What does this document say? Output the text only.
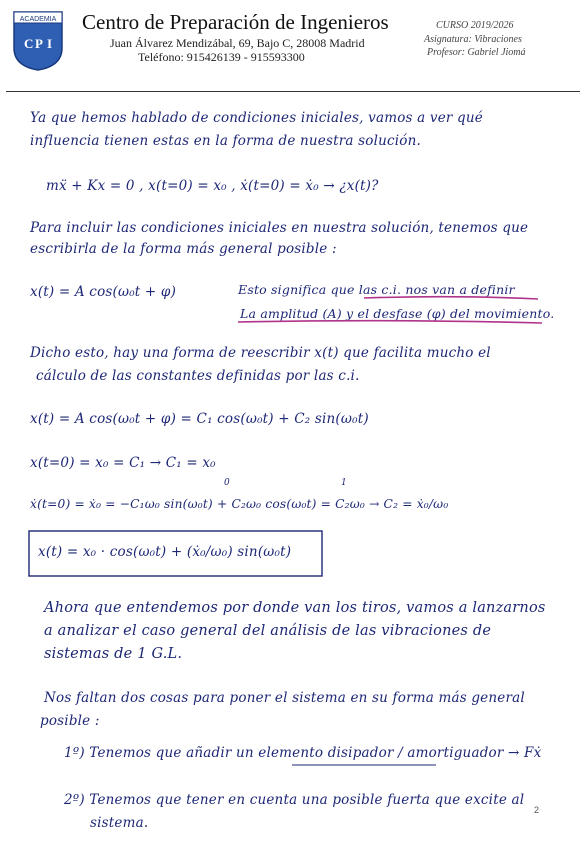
ACADEMIA
C P I
Centro de Preparación de Ingenieros
Juan Álvarez Mendizábal, 69, Bajo C, 28008 Madrid
Teléfono: 915426139 - 915593300
CURSO 2019/2026
Asignatura: Vibraciones
Profesor: Gabriel Jiomá
Ya que hemos hablado de condiciones iniciales, vamos a ver qué
influencia tienen estas en la forma de nuestra solución.
mẍ + Kx = 0 , x(t=0) = x₀ , ẋ(t=0) = ẋ₀ → ¿x(t)?
Para incluir las condiciones iniciales en nuestra solución, tenemos que
escribirla de la forma más general posible :
x(t) = A cos(ω₀t + φ)	Esto significa que las c.i. nos van a definir
La amplitud (A) y el desfase (φ) del movimiento.
Dicho esto, hay una forma de reescribir x(t) que facilita mucho el
cálculo de las constantes definidas por las c.i.
x(t) = A cos(ω₀t + φ) = C₁ cos(ω₀t) + C₂ sin(ω₀t)
x(t=0) = x₀ = C₁ → C₁ = x₀
ẋ(t=0) = ẋ₀ = −C₁ω₀ sin(ω₀t) + C₂ω₀ cos(ω₀t) = C₂ω₀ → C₂ = ẋ₀/ω₀
0	1
x(t) = x₀ · cos(ω₀t) + (ẋ₀/ω₀) sin(ω₀t)
Ahora que entendemos por donde van los tiros, vamos a lanzarnos
a analizar el caso general del análisis de las vibraciones de
sistemas de 1 G.L.
Nos faltan dos cosas para poner el sistema en su forma más general
posible :
1º) Tenemos que añadir un elemento disipador / amortiguador → Fẋ
2º) Tenemos que tener en cuenta una posible fuerta que excite al
sistema.
2
